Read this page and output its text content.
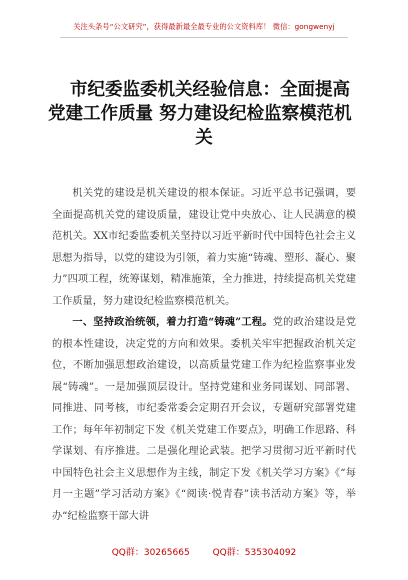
关注头条号“公文研究”，获得最新最全最专业的公文资料库！ 微信：gongwenyj
市纪委监委机关经验信息：全面提高
党建工作质量 努力建设纪检监察模范机
关

机关党的建设是机关建设的根本保证。习近平总书记强调，要全面提高机关党的建设质量，建设让党中央放心、让人民满意的模范机关。XX市纪委监委机关坚持以习近平新时代中国特色社会主义思想为指导，以党的建设为引领，着力实施“铸魂、塑形、凝心、聚力”四项工程，统筹谋划，精准施策，全力推进，持续提高机关党建工作质量，努力建设纪检监察模范机关。

一、坚持政治统领，着力打造“铸魂”工程。党的政治建设是党的根本性建设，决定党的方向和效果。委机关牢牢把握政治机关定位，不断加强思想政治建设，以高质量党建工作为纪检监察事业发展“铸魂”。一是加强顶层设计。坚持党建和业务同谋划、同部署、同推进、同考核，市纪委常委会定期召开会议，专题研究部署党建工作；每年年初制定下发《机关党建工作要点》，明确工作思路、科学谋划、有序推进。二是强化理论武装。把学习贯彻习近平新时代中国特色社会主义思想作为主线，制定下发《机关学习方案》《“每月一主题”学习活动方案》《“阅读·悦青春”读书活动方案》等，举办“纪检监察干部大讲

QQ群：30265665	QQ群：535304092
